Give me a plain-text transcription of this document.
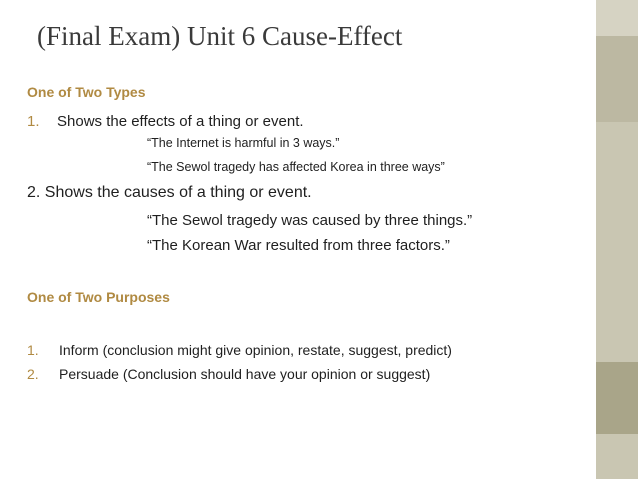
(Final Exam) Unit 6 Cause-Effect
One of Two Types
1. Shows the effects of a thing or event.
“The Internet is harmful in 3 ways.”
“The Sewol tragedy has affected Korea in three ways”
2. Shows the causes of a thing or event.
“The Sewol tragedy was caused by three things.”
“The Korean War resulted from three factors.”
One of Two Purposes
1. Inform (conclusion might give opinion, restate, suggest, predict)
2. Persuade (Conclusion should have your opinion or suggest)
